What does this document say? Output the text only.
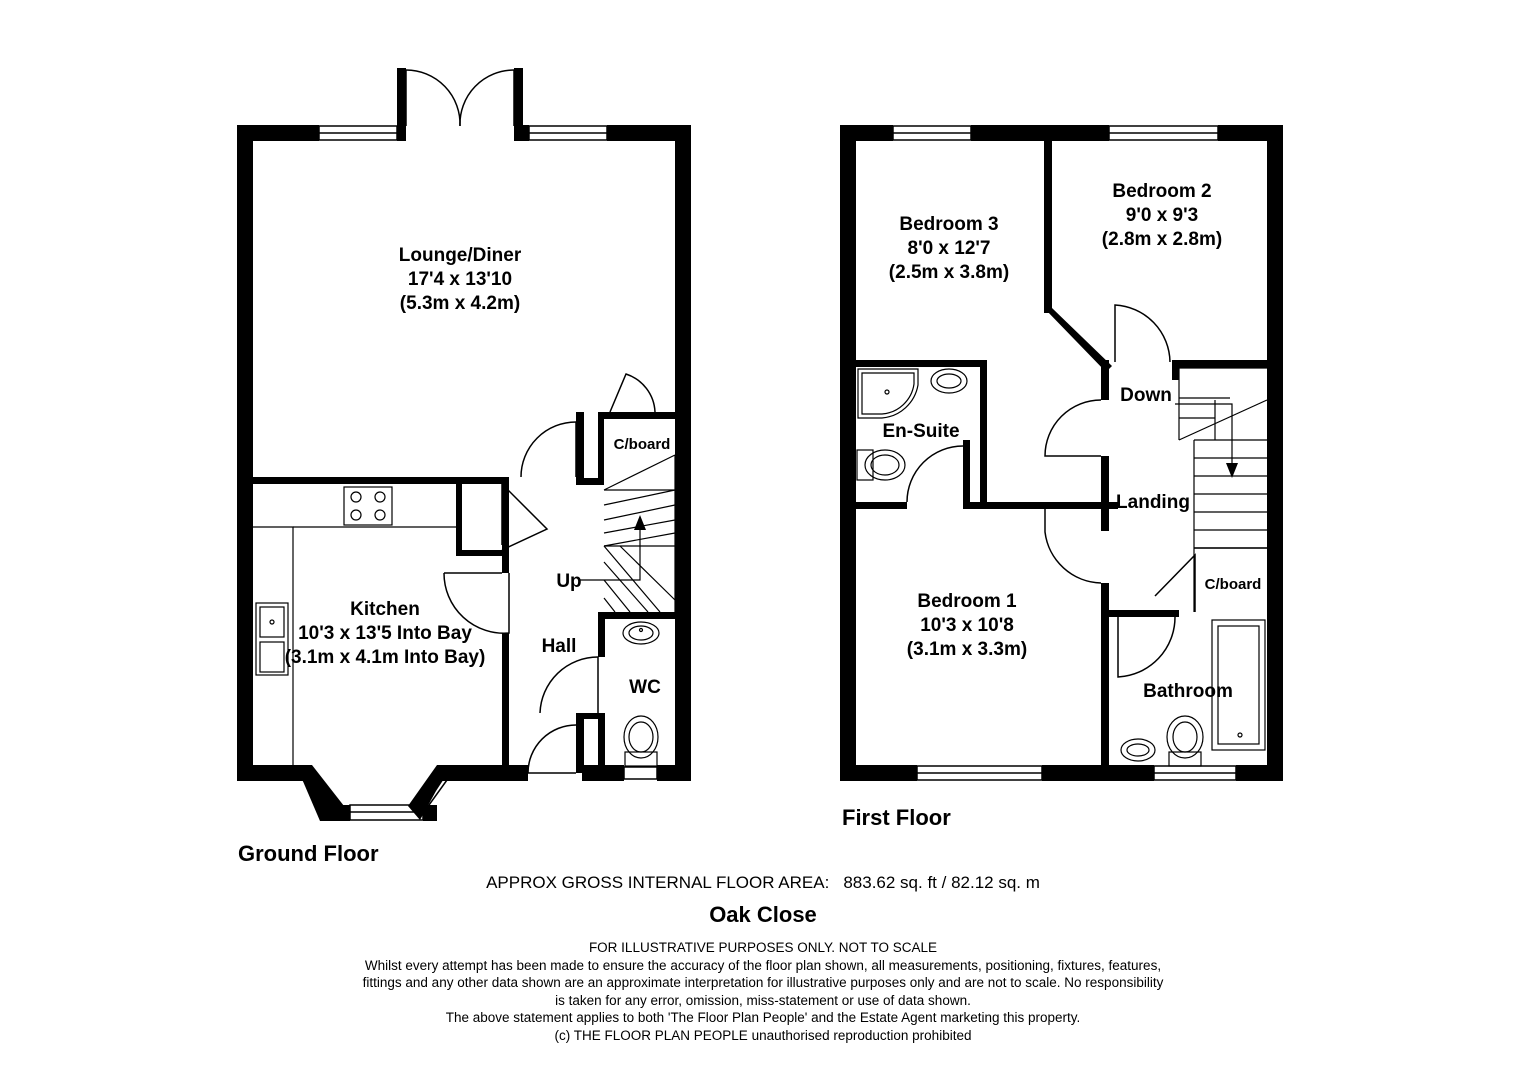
Lounge/Diner
17'4 x 13'10
(5.3m x 4.2m)
Kitchen
10'3 x 13'5 Into Bay
(3.1m x 4.1m Into Bay)
C/board
Up
Hall
WC
Ground Floor
Bedroom 3
8'0 x 12'7
(2.5m x 3.8m)
Bedroom 2
9'0 x 9'3
(2.8m x 2.8m)
En-Suite
Down
Landing
Bedroom 1
10'3 x 10'8
(3.1m x 3.3m)
C/board
Bathroom
First Floor
APPROX GROSS INTERNAL FLOOR AREA: 883.62 sq. ft / 82.12 sq. m
Oak Close
FOR ILLUSTRATIVE PURPOSES ONLY. NOT TO SCALE
Whilst every attempt has been made to ensure the accuracy of the floor plan shown, all measurements, positioning, fixtures, features,
fittings and any other data shown are an approximate interpretation for illustrative purposes only and are not to scale. No responsibility
is taken for any error, omission, miss-statement or use of data shown.
The above statement applies to both 'The Floor Plan People' and the Estate Agent marketing this property.
(c) THE FLOOR PLAN PEOPLE unauthorised reproduction prohibited
